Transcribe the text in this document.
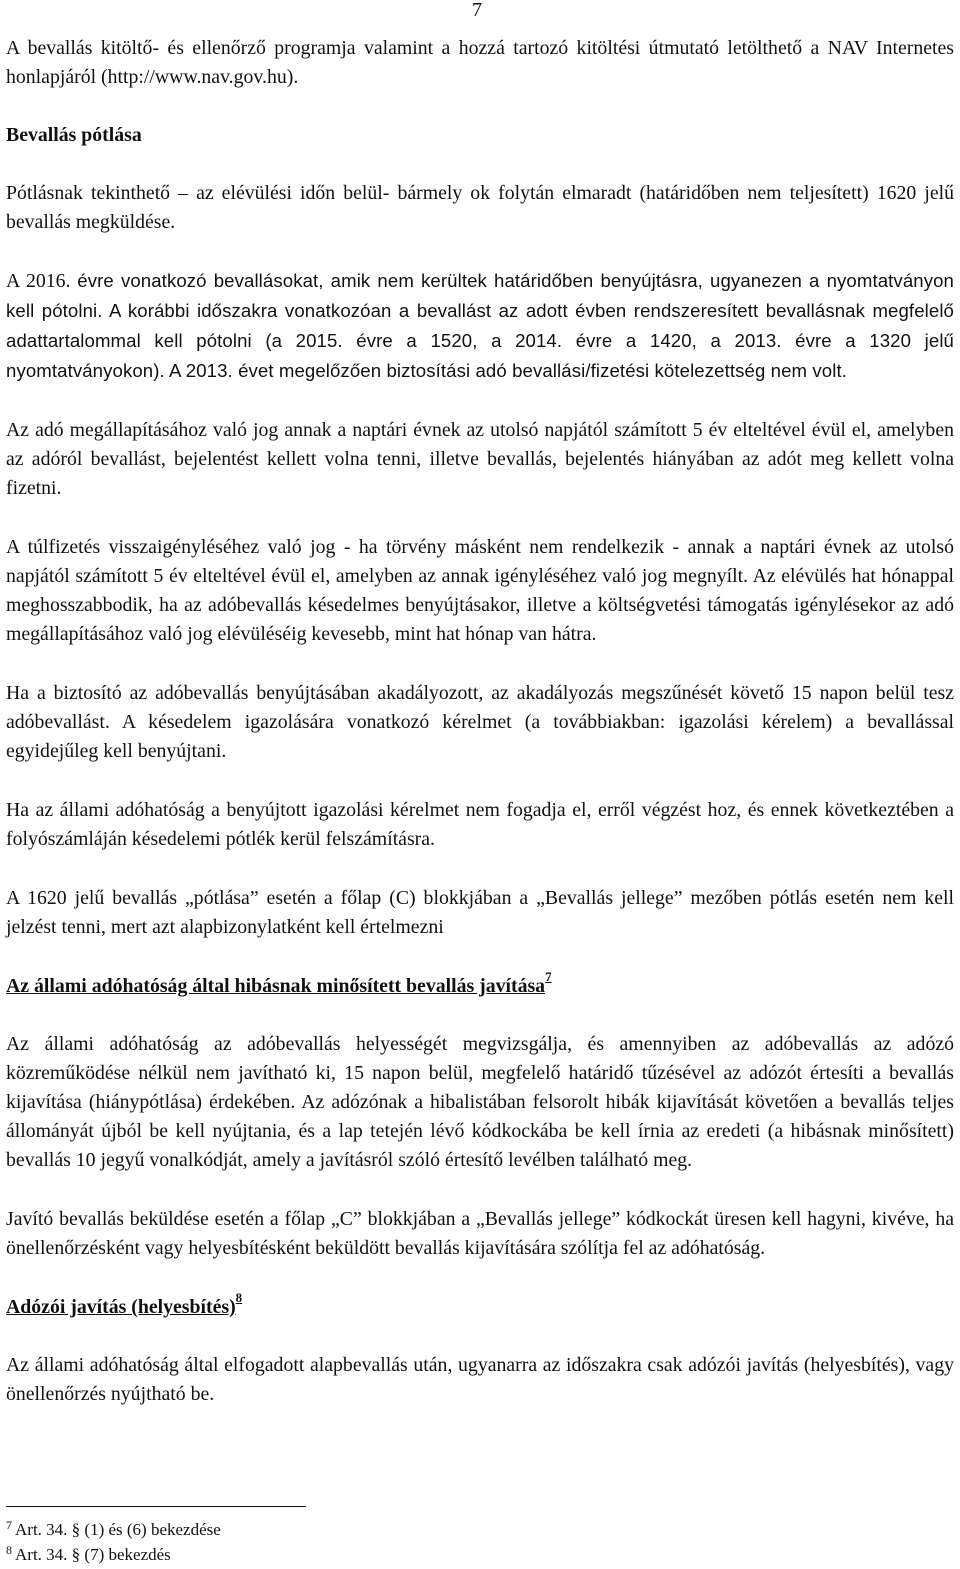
7

A bevallás kitöltő- és ellenőrző programja valamint a hozzá tartozó kitöltési útmutató letölthető a NAV Internetes honlapjáról (http://www.nav.gov.hu).

Bevallás pótlása

Pótlásnak tekinthető ‒ az elévülési időn belül- bármely ok folytán elmaradt (határidőben nem teljesített) 1620 jelű bevallás megküldése.

A 2016. évre vonatkozó bevallásokat, amik nem kerültek határidőben benyújtásra, ugyanezen a nyomtatványon kell pótolni. A korábbi időszakra vonatkozóan a bevallást az adott évben rendszeresített bevallásnak megfelelő adattartalommal kell pótolni (a 2015. évre a 1520, a 2014. évre a 1420, a 2013. évre a 1320 jelű nyomtatványokon). A 2013. évet megelőzően biztosítási adó bevallási/fizetési kötelezettség nem volt.

Az adó megállapításához való jog annak a naptári évnek az utolsó napjától számított 5 év elteltével évül el, amelyben az adóról bevallást, bejelentést kellett volna tenni, illetve bevallás, bejelentés hiányában az adót meg kellett volna fizetni.

A túlfizetés visszaigényléséhez való jog - ha törvény másként nem rendelkezik - annak a naptári évnek az utolsó napjától számított 5 év elteltével évül el, amelyben az annak igényléséhez való jog megnyílt. Az elévülés hat hónappal meghosszabbodik, ha az adóbevallás késedelmes benyújtásakor, illetve a költségvetési támogatás igénylésekor az adó megállapításához való jog elévüléséig kevesebb, mint hat hónap van hátra.

Ha a biztosító az adóbevallás benyújtásában akadályozott, az akadályozás megszűnését követő 15 napon belül tesz adóbevallást. A késedelem igazolására vonatkozó kérelmet (a továbbiakban: igazolási kérelem) a bevallással egyidejűleg kell benyújtani.

Ha az állami adóhatóság a benyújtott igazolási kérelmet nem fogadja el, erről végzést hoz, és ennek következtében a folyószámláján késedelemi pótlék kerül felszámításra.

A 1620 jelű bevallás „pótlása” esetén a főlap (C) blokkjában a „Bevallás jellege” mezőben pótlás esetén nem kell jelzést tenni, mert azt alapbizonylatként kell értelmezni

Az állami adóhatóság által hibásnak minősített bevallás javítása$^7$

Az állami adóhatóság az adóbevallás helyességét megvizsgálja, és amennyiben az adóbevallás az adózó közreműködése nélkül nem javítható ki, 15 napon belül, megfelelő határidő tűzésével az adózót értesíti a bevallás kijavítása (hiánypótlása) érdekében. Az adózónak a hibalistában felsorolt hibák kijavítását követően a bevallás teljes állományát újból be kell nyújtania, és a lap tetején lévő kódkockába be kell írnia az eredeti (a hibásnak minősített) bevallás 10 jegyű vonalkódját, amely a javításról szóló értesítő levélben található meg.

Javító bevallás beküldése esetén a főlap „C” blokkjában a „Bevallás jellege” kódkockát üresen kell hagyni, kivéve, ha önellenőrzésként vagy helyesbítésként beküldött bevallás kijavítására szólítja fel az adóhatóság.

Adózói javítás (helyesbítés)$^8$

Az állami adóhatóság által elfogadott alapbevallás után, ugyanarra az időszakra csak adózói javítás (helyesbítés), vagy önellenőrzés nyújtható be.

$^7$ Art. 34. § (1) és (6) bekezdése
$^8$ Art. 34. § (7) bekezdés
